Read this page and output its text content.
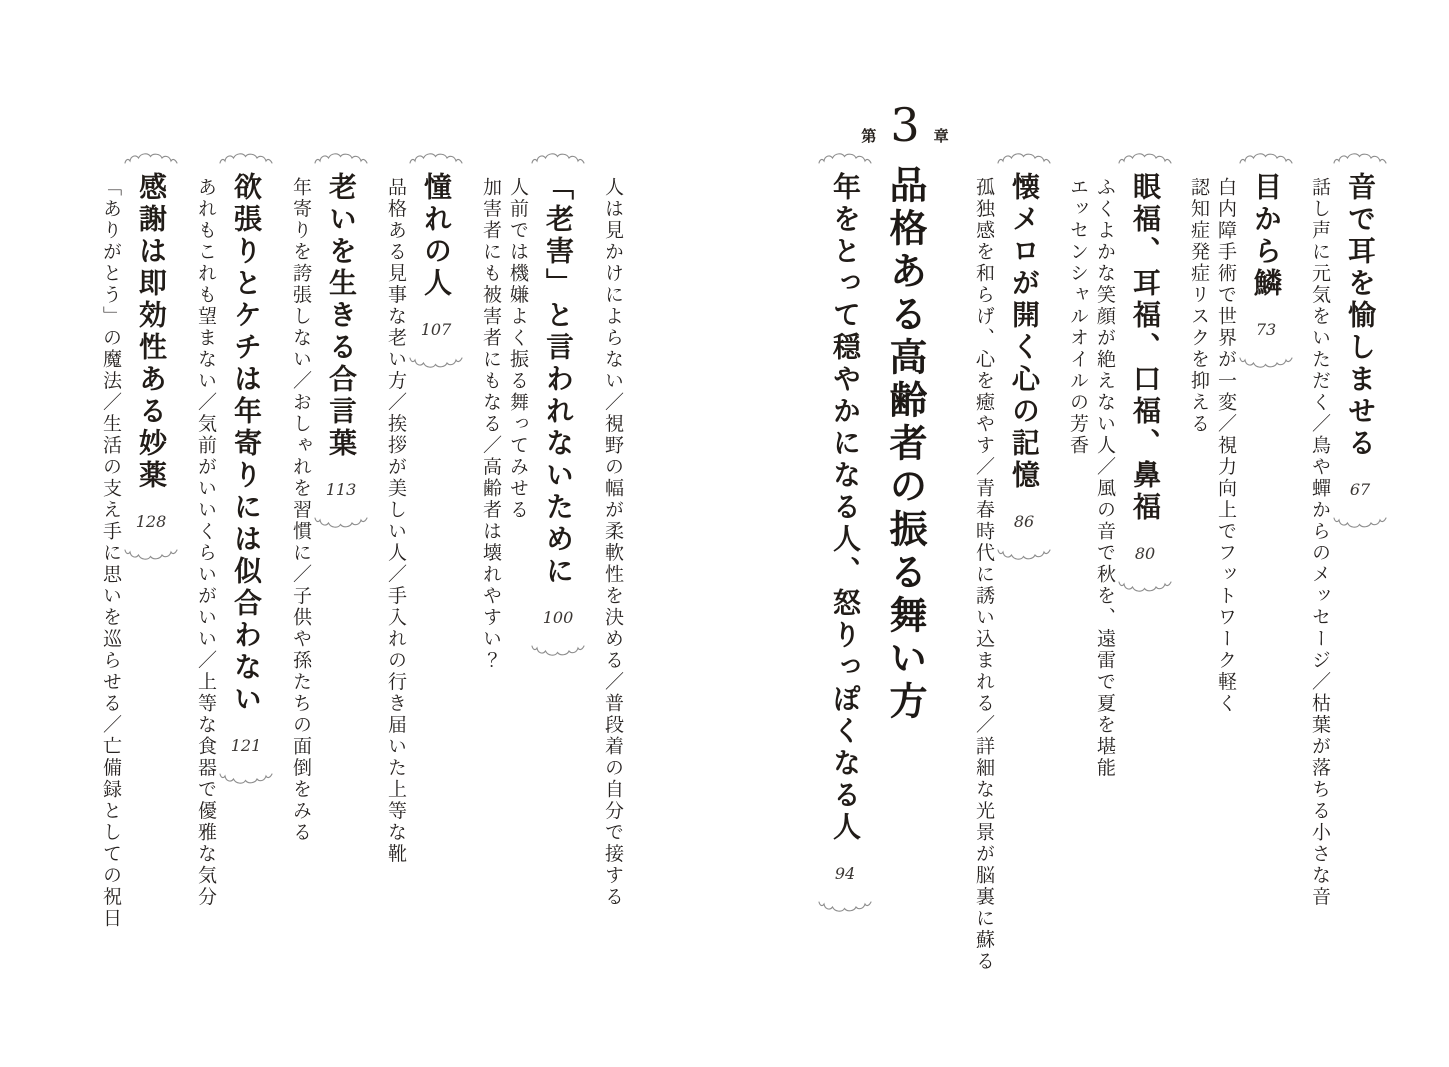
音で耳を愉しませる
67
話し声に元気をいただく／鳥や蟬からのメッセージ／枯葉が落ちる小さな音
目から鱗
73
白内障手術で世界が一変／視力向上でフットワーク軽く
認知症発症リスクを抑える
眼福、耳福、口福、鼻福
80
ふくよかな笑顔が絶えない人／風の音で秋を、遠雷で夏を堪能
エッセンシャルオイルの芳香
懐メロが開く心の記憶
86
孤独感を和らげ、心を癒やす／青春時代に誘い込まれる／詳細な光景が脳裏に蘇る
第 3 章
品格ある高齢者の振る舞い方
年をとって穏やかになる人、怒りっぽくなる人
94
人は見かけによらない／視野の幅が柔軟性を決める／普段着の自分で接する
「老害」と言われないために
100
人前では機嫌よく振る舞ってみせる
加害者にも被害者にもなる／高齢者は壊れやすい？
憧れの人
107
品格ある見事な老い方／挨拶が美しい人／手入れの行き届いた上等な靴
老いを生きる合言葉
113
年寄りを誇張しない／おしゃれを習慣に／子供や孫たちの面倒をみる
欲張りとケチは年寄りには似合わない
121
あれもこれも望まない／気前がいいくらいがいい／上等な食器で優雅な気分
感謝は即効性ある妙薬
128
「ありがとう」の魔法／生活の支え手に思いを巡らせる／亡備録としての祝日
